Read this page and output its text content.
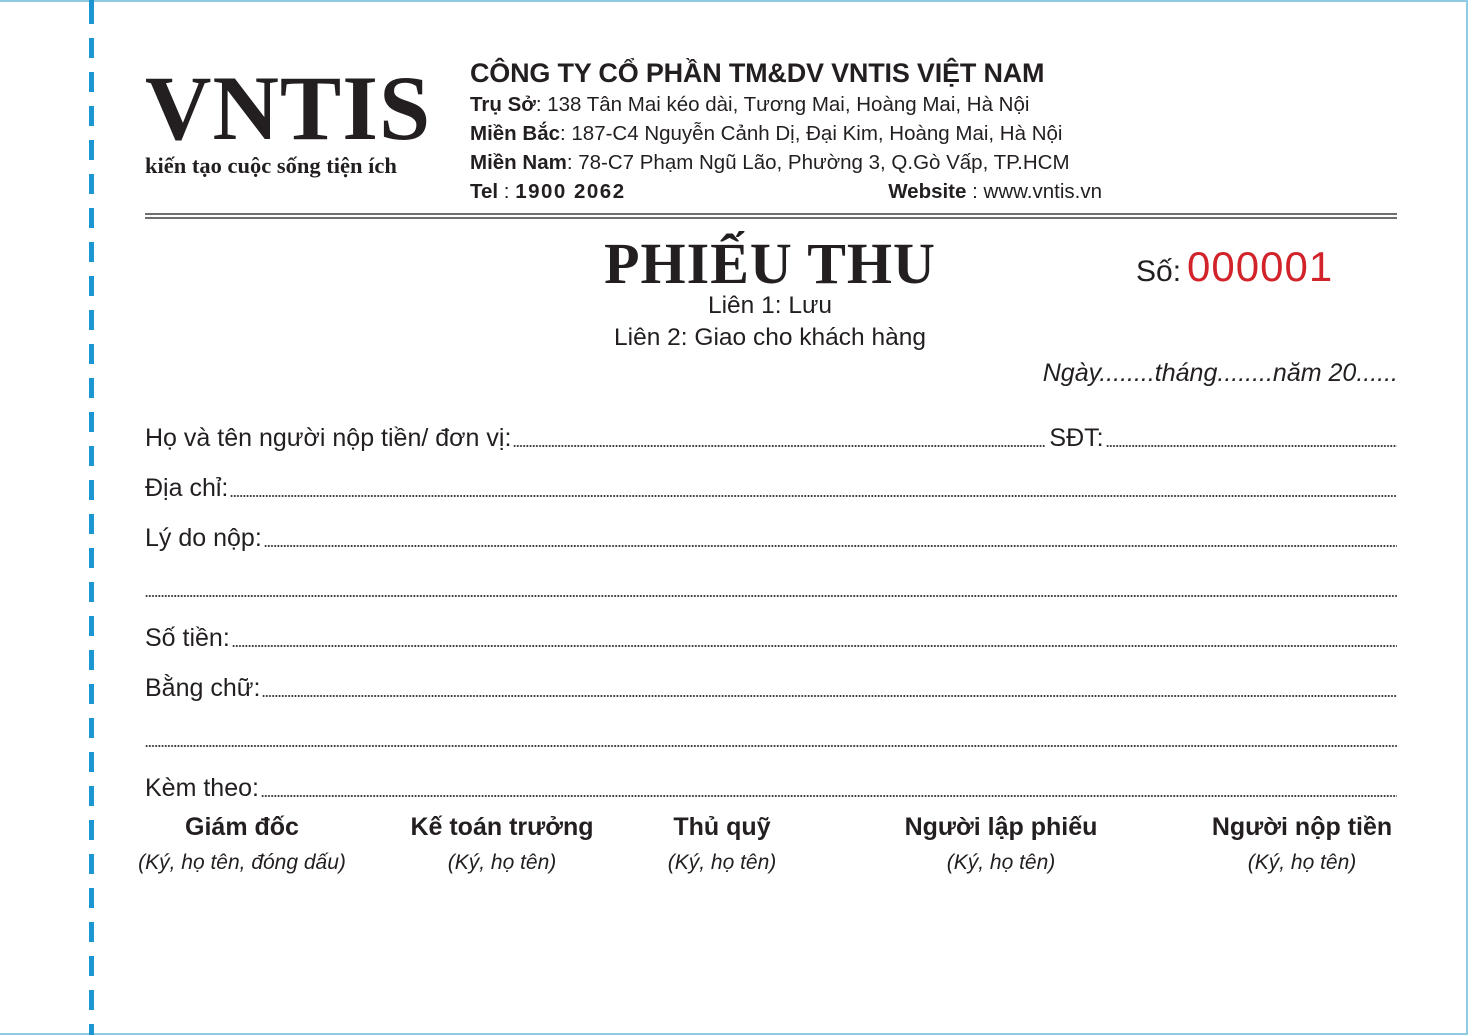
VNTIS
kiến tạo cuộc sống tiện ích
CÔNG TY CỔ PHẦN TM&DV VNTIS VIỆT NAM
Trụ Sở: 138 Tân Mai kéo dài, Tương Mai, Hoàng Mai, Hà Nội
Miền Bắc: 187-C4 Nguyễn Cảnh Dị, Đại Kim, Hoàng Mai, Hà Nội
Miền Nam: 78-C7 Phạm Ngũ Lão, Phường 3, Q.Gò Vấp, TP.HCM
Tel : 1900 2062	Website : www.vntis.vn
PHIẾU THU
Liên 1: Lưu
Liên 2: Giao cho khách hàng
Số: 000001
Ngày........tháng........năm 20......
Họ và tên người nộp tiền/ đơn vị:	SĐT:
Địa chỉ:
Lý do nộp:
Số tiền:
Bằng chữ:
Kèm theo:
Giám đốc
(Ký, họ tên, đóng dấu)
Kế toán trưởng
(Ký, họ tên)
Thủ quỹ
(Ký, họ tên)
Người lập phiếu
(Ký, họ tên)
Người nộp tiền
(Ký, họ tên)
